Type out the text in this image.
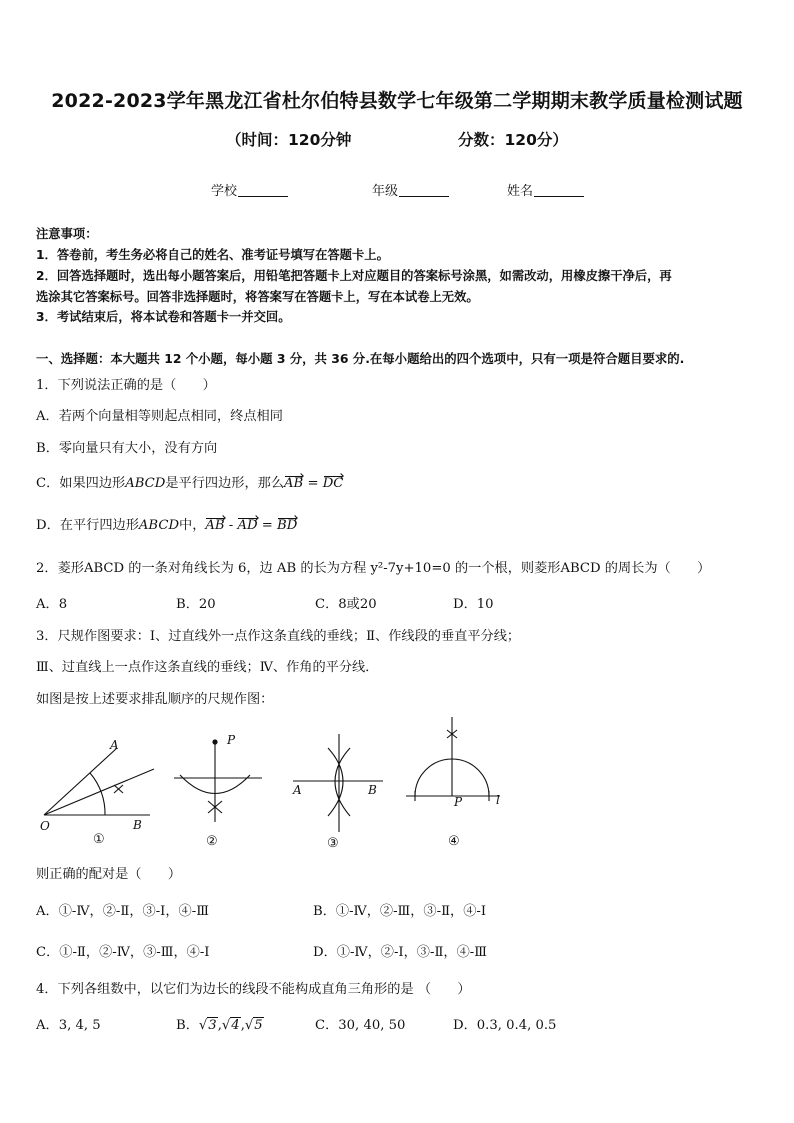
2022-2023学年黑龙江省杜尔伯特县数学七年级第二学期期末教学质量检测试题
（时间：120分钟	分数：120分）
学校	年级	姓名
注意事项：
1．答卷前，考生务必将自己的姓名、准考证号填写在答题卡上。
2．回答选择题时，选出每小题答案后，用铅笔把答题卡上对应题目的答案标号涂黑，如需改动，用橡皮擦干净后，再
选涂其它答案标号。回答非选择题时，将答案写在答题卡上，写在本试卷上无效。
3．考试结束后，将本试卷和答题卡一并交回。
一、选择题：本大题共 12 个小题，每小题 3 分，共 36 分.在每小题给出的四个选项中，只有一项是符合题目要求的.
1．下列说法正确的是（　　）
A．若两个向量相等则起点相同，终点相同
B．零向量只有大小，没有方向
C．如果四边形ABCD是平行四边形，那么AB = DC
D．在平行四边形ABCD中，AB - AD = BD
2．菱形ABCD 的一条对角线长为 6，边 AB 的长为方程 y²-7y+10=0 的一个根，则菱形ABCD 的周长为（　　）
A．8	B．20	C．8或20	D．10
3．尺规作图要求：Ⅰ、过直线外一点作这条直线的垂线；Ⅱ、作线段的垂直平分线；
Ⅲ、过直线上一点作这条直线的垂线；Ⅳ、作角的平分线．
如图是按上述要求排乱顺序的尺规作图：
A
O	B
P
A	B
P	l
①	②	③	④
则正确的配对是（　　）
A．①-Ⅳ，②-Ⅱ，③-Ⅰ，④-Ⅲ	B．①-Ⅳ，②-Ⅲ，③-Ⅱ，④-Ⅰ
C．①-Ⅱ，②-Ⅳ，③-Ⅲ，④-Ⅰ	D．①-Ⅳ，②-Ⅰ，③-Ⅱ，④-Ⅲ
4．下列各组数中，以它们为边长的线段不能构成直角三角形的是 （　　）
A．3, 4, 5	B．√3,√4,√5	C．30, 40, 50	D．0.3, 0.4, 0.5
